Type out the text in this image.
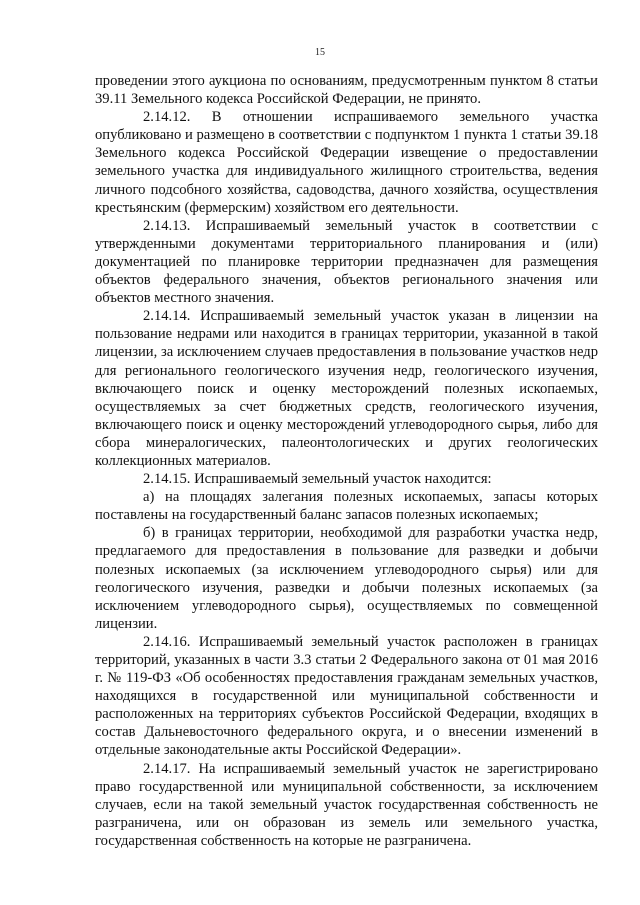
15

проведении этого аукциона по основаниям, предусмотренным пунктом 8 статьи 39.11 Земельного кодекса Российской Федерации, не принято.

2.14.12. В отношении испрашиваемого земельного участка опубликовано и размещено в соответствии с подпунктом 1 пункта 1 статьи 39.18 Земельного кодекса Российской Федерации извещение о предоставлении земельного участка для индивидуального жилищного строительства, ведения личного подсобного хозяйства, садоводства, дачного хозяйства, осуществления крестьянским (фермерским) хозяйством его деятельности.

2.14.13. Испрашиваемый земельный участок в соответствии с утвержденными документами территориального планирования и (или) документацией по планировке территории предназначен для размещения объектов федерального значения, объектов регионального значения или объектов местного значения.

2.14.14. Испрашиваемый земельный участок указан в лицензии на пользование недрами или находится в границах территории, указанной в такой лицензии, за исключением случаев предоставления в пользование участков недр для регионального геологического изучения недр, геологического изучения, включающего поиск и оценку месторождений полезных ископаемых, осуществляемых за счет бюджетных средств, геологического изучения, включающего поиск и оценку месторождений углеводородного сырья, либо для сбора минералогических, палеонтологических и других геологических коллекционных материалов.

2.14.15. Испрашиваемый земельный участок находится:

а) на площадях залегания полезных ископаемых, запасы которых поставлены на государственный баланс запасов полезных ископаемых;

б) в границах территории, необходимой для разработки участка недр, предлагаемого для предоставления в пользование для разведки и добычи полезных ископаемых (за исключением углеводородного сырья) или для геологического изучения, разведки и добычи полезных ископаемых (за исключением углеводородного сырья), осуществляемых по совмещенной лицензии.

2.14.16. Испрашиваемый земельный участок расположен в границах территорий, указанных в части 3.3 статьи 2 Федерального закона от 01 мая 2016 г. № 119-ФЗ «Об особенностях предоставления гражданам земельных участков, находящихся в государственной или муниципальной собственности и расположенных на территориях субъектов Российской Федерации, входящих в состав Дальневосточного федерального округа, и о внесении изменений в отдельные законодательные акты Российской Федерации».

2.14.17. На испрашиваемый земельный участок не зарегистрировано право государственной или муниципальной собственности, за исключением случаев, если на такой земельный участок государственная собственность не разграничена, или он образован из земель или земельного участка, государственная собственность на которые не разграничена.
